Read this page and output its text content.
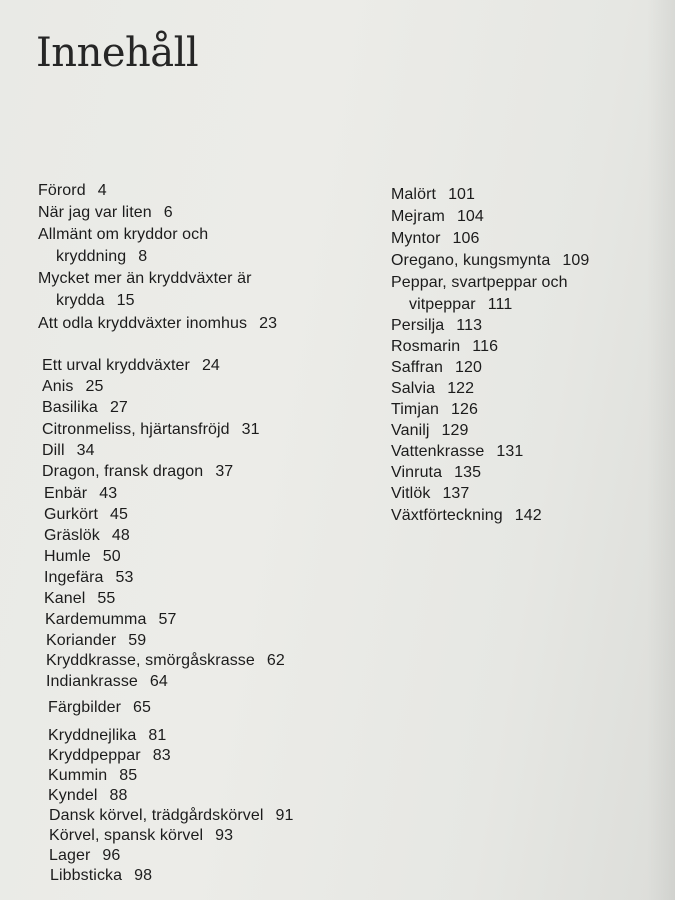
Innehåll
Förord 4
När jag var liten 6
Allmänt om kryddor och
kryddning 8
Mycket mer än kryddväxter är
krydda 15
Att odla kryddväxter inomhus 23
Ett urval kryddväxter 24
Anis 25
Basilika 27
Citronmeliss, hjärtansfröjd 31
Dill 34
Dragon, fransk dragon 37
Enbär 43
Gurkört 45
Gräslök 48
Humle 50
Ingefära 53
Kanel 55
Kardemumma 57
Koriander 59
Kryddkrasse, smörgåskrasse 62
Indiankrasse 64
Färgbilder 65
Kryddnejlika 81
Kryddpeppar 83
Kummin 85
Kyndel 88
Dansk körvel, trädgårdskörvel 91
Körvel, spansk körvel 93
Lager 96
Libbsticka 98
Malört 101
Mejram 104
Myntor 106
Oregano, kungsmynta 109
Peppar, svartpeppar och
vitpeppar 111
Persilja 113
Rosmarin 116
Saffran 120
Salvia 122
Timjan 126
Vanilj 129
Vattenkrasse 131
Vinruta 135
Vitlök 137
Växtförteckning 142
